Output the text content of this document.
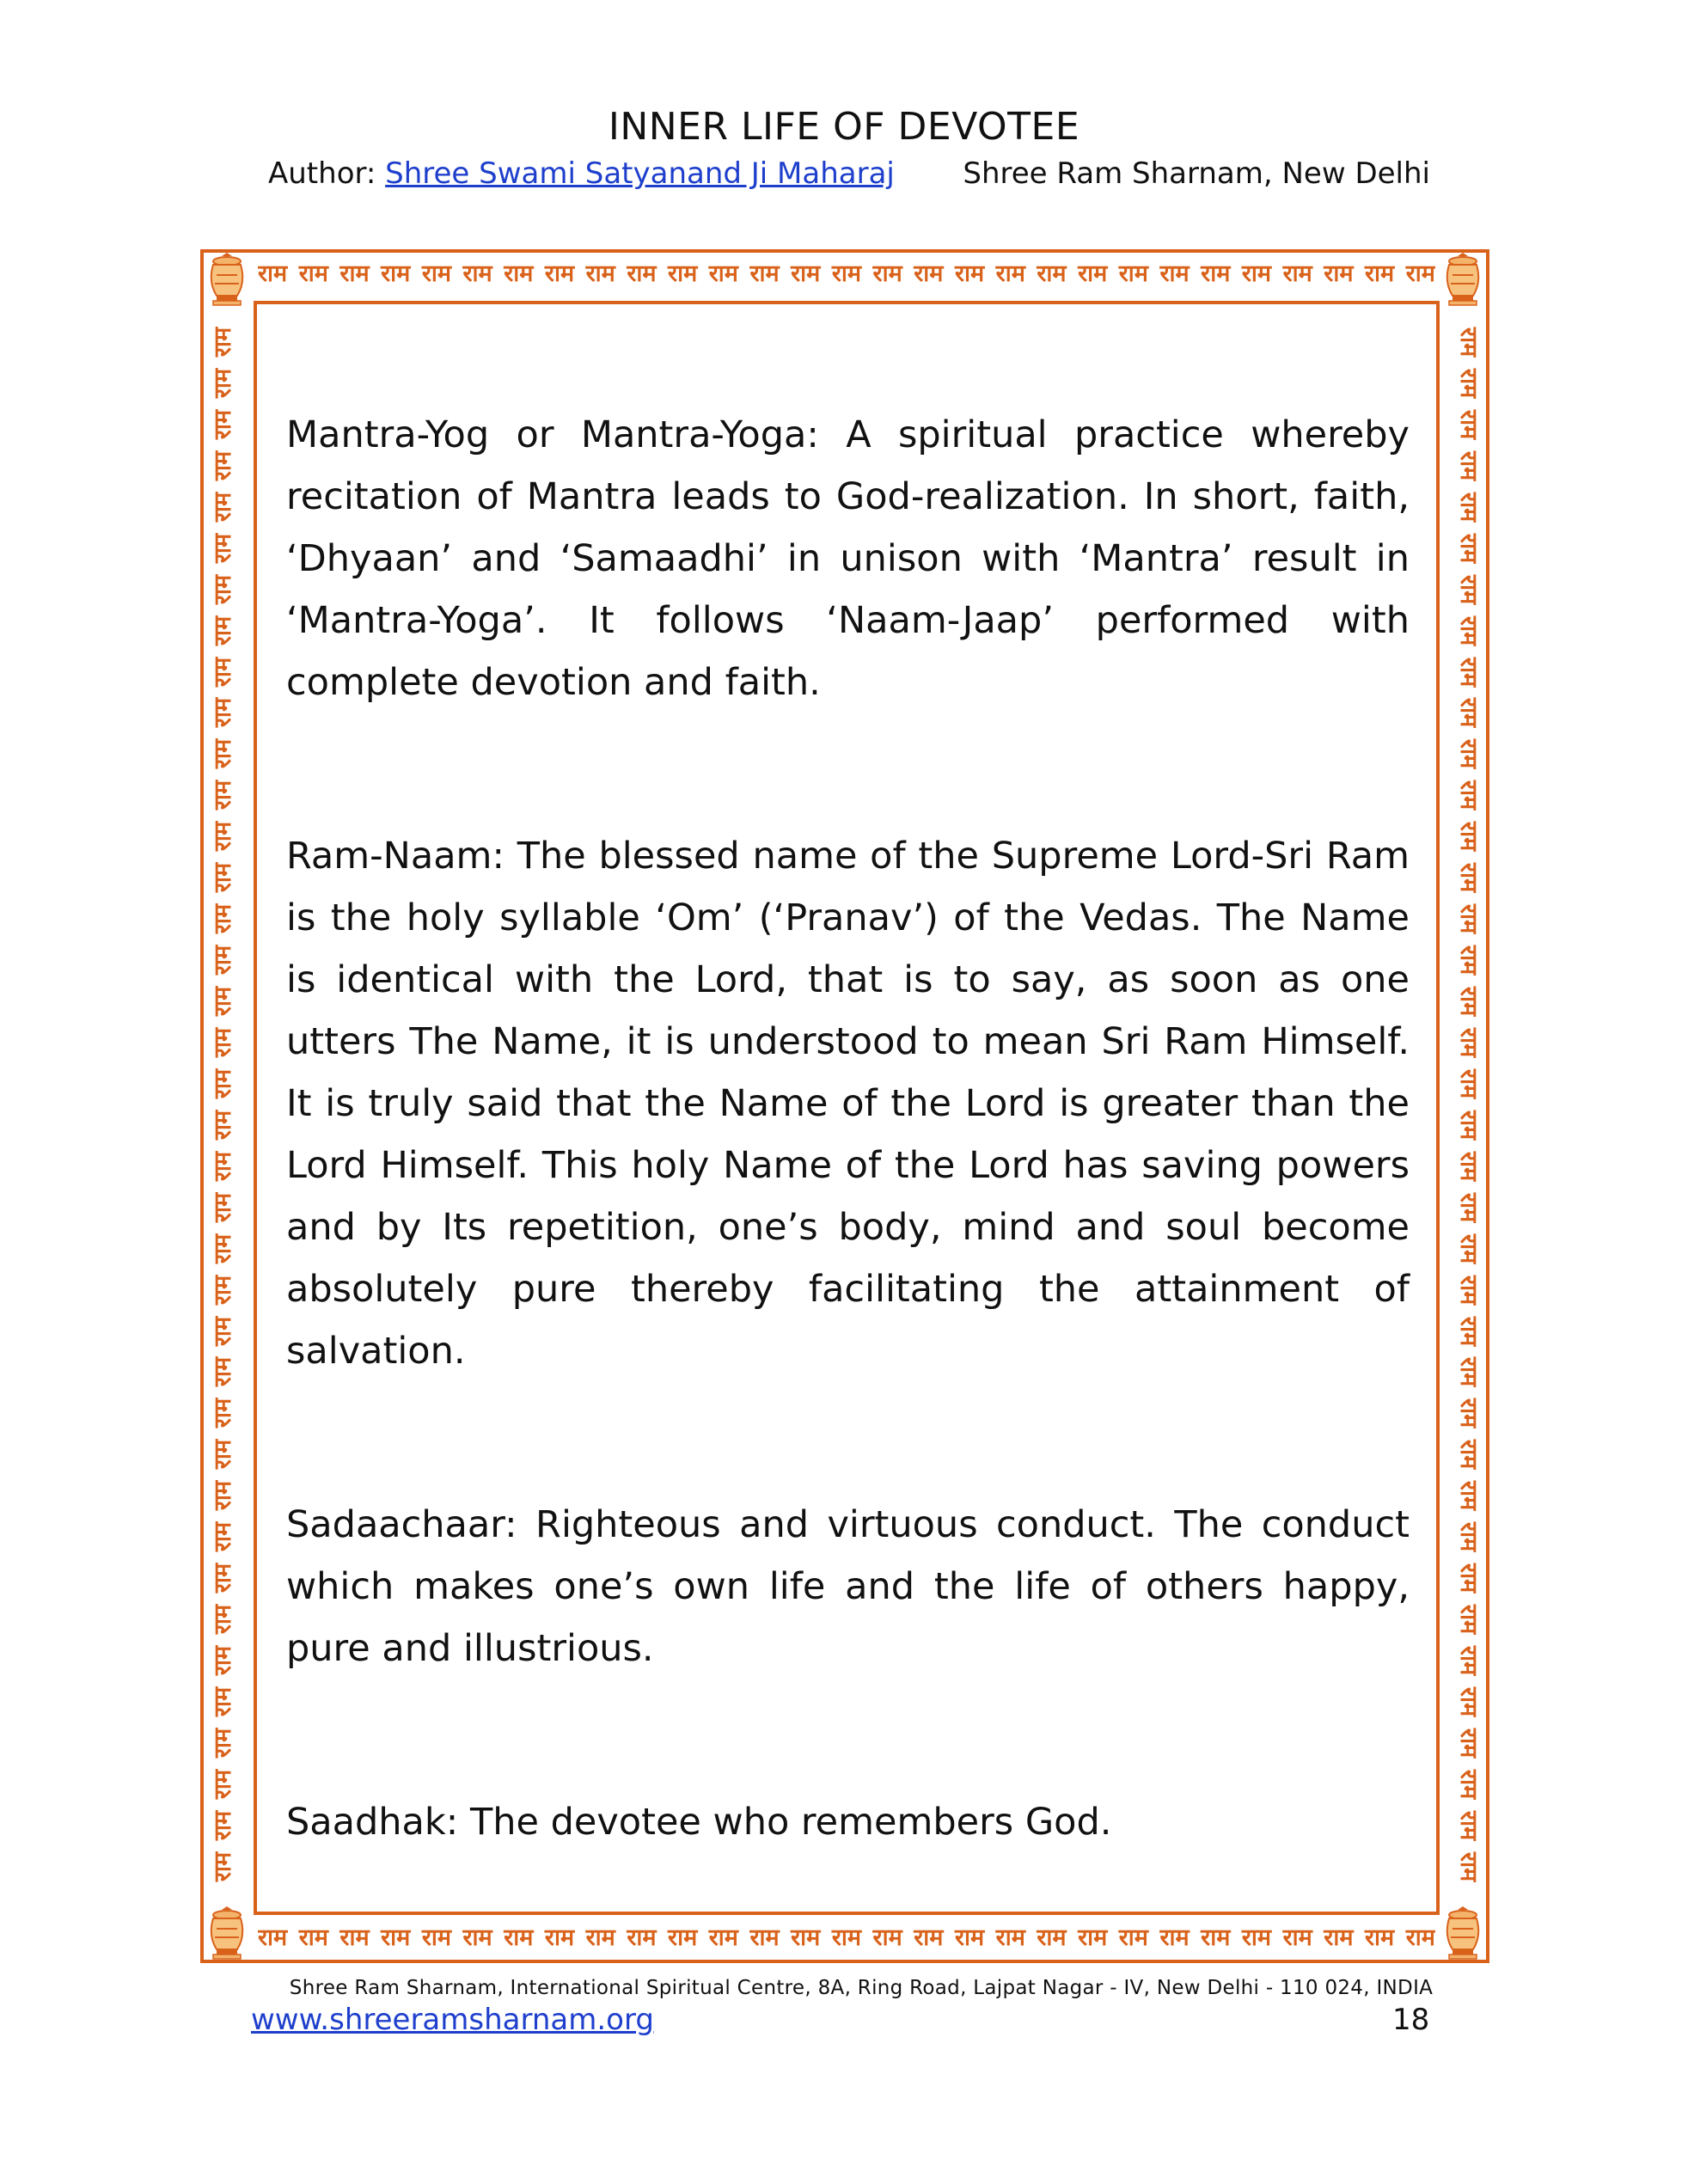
INNER LIFE OF DEVOTEE
Author: Shree Swami Satyanand Ji Maharaj Shree Ram Sharnam, New Delhi
राम राम राम राम राम राम राम राम राम राम राम राम राम राम राम राम राम राम राम राम राम राम राम राम राम राम राम राम राम
राम राम राम राम राम राम राम राम राम राम राम राम राम राम राम राम राम राम राम राम राम राम राम राम राम राम राम राम राम
राम
राम
राम
राम
राम
राम
राम
राम
राम
राम
राम
राम
राम
राम
राम
राम
राम
राम
राम
राम
राम
राम
राम
राम
राम
राम
राम
राम
राम
राम
राम
राम
राम
राम
राम
राम
राम
राम
राम
राम
राम
राम
राम
राम
राम
राम
राम
राम
राम
राम
राम
राम
राम
राम
राम
राम
राम
राम
राम
राम
राम
राम
राम
राम
राम
राम
राम
राम
राम
राम
राम
राम
राम
राम
राम
राम

Mantra-Yog or Mantra-Yoga: A spiritual practice whereby recitation of Mantra leads to God-realization. In short, faith, ‘Dhyaan’ and ‘Samaadhi’ in unison with ‘Mantra’ result in ‘Mantra-Yoga’. It follows ‘Naam-Jaap’ performed with complete devotion and faith.

Ram-Naam: The blessed name of the Supreme Lord-Sri Ram is the holy syllable ‘Om’ (‘Pranav’) of the Vedas. The Name is identical with the Lord, that is to say, as soon as one utters The Name, it is understood to mean Sri Ram Himself. It is truly said that the Name of the Lord is greater than the Lord Himself. This holy Name of the Lord has saving powers and by Its repetition, one’s body, mind and soul become absolutely pure thereby facilitating the attainment of salvation.

Sadaachaar: Righteous and virtuous conduct. The conduct which makes one’s own life and the life of others happy, pure and illustrious.

Saadhak: The devotee who remembers God.

Shree Ram Sharnam, International Spiritual Centre, 8A, Ring Road, Lajpat Nagar - IV, New Delhi - 110 024, INDIA
www.shreeramsharnam.org	18
